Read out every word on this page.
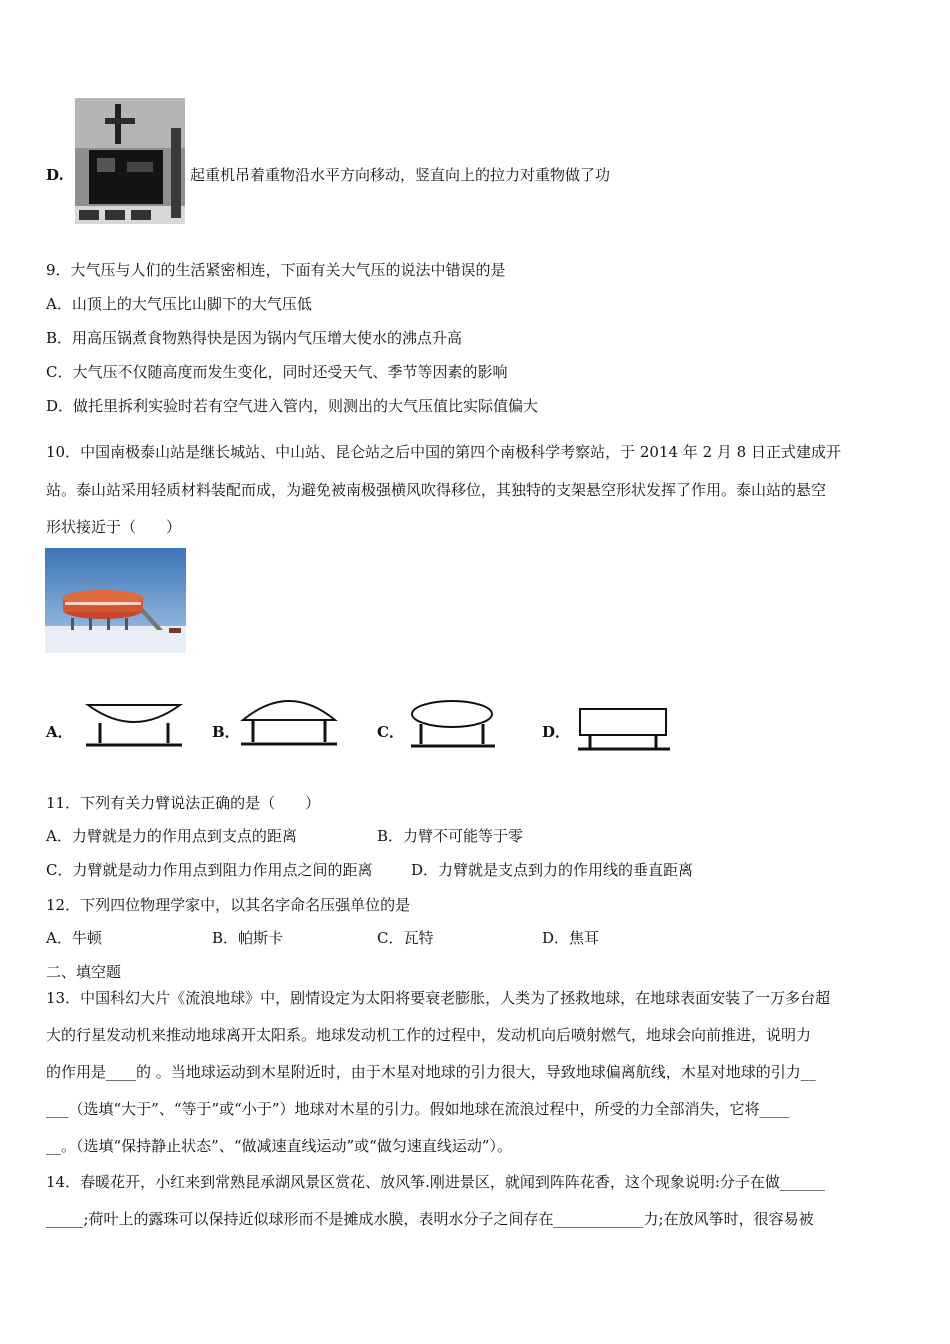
D.	起重机吊着重物沿水平方向移动，竖直向上的拉力对重物做了功
9．大气压与人们的生活紧密相连，下面有关大气压的说法中错误的是
A．山顶上的大气压比山脚下的大气压低
B．用高压锅煮食物熟得快是因为锅内气压增大使水的沸点升高
C．大气压不仅随高度而发生变化，同时还受天气、季节等因素的影响
D．做托里拆利实验时若有空气进入管内，则测出的大气压值比实际值偏大
10．中国南极泰山站是继长城站、中山站、昆仑站之后中国的第四个南极科学考察站，于 2014 年 2 月 8 日正式建成开
站。泰山站采用轻质材料装配而成，为避免被南极强横风吹得移位，其独特的支架悬空形状发挥了作用。泰山站的悬空
形状接近于（　　）
A．	B．	C．	D．
11．下列有关力臂说法正确的是（　　）
A．力臂就是力的作用点到支点的距离	B．力臂不可能等于零
C．力臂就是动力作用点到阻力作用点之间的距离	D．力臂就是支点到力的作用线的垂直距离
12．下列四位物理学家中，以其名字命名压强单位的是
A．牛顿	B．帕斯卡	C．瓦特	D．焦耳
二、填空题
13．中国科幻大片《流浪地球》中，剧情设定为太阳将要衰老膨胀，人类为了拯救地球，在地球表面安装了一万多台超
大的行星发动机来推动地球离开太阳系。地球发动机工作的过程中，发动机向后喷射燃气，地球会向前推进，说明力
的作用是____的 。当地球运动到木星附近时，由于木星对地球的引力很大，导致地球偏离航线，木星对地球的引力__
___（选填“大于”、“等于”或“小于”）地球对木星的引力。假如地球在流浪过程中，所受的力全部消失，它将____
__。（选填“保持静止状态”、“做减速直线运动”或“做匀速直线运动”）。
14．春暖花开，小红来到常熟昆承湖风景区赏花、放风筝.刚进景区，就闻到阵阵花香，这个现象说明:分子在做______
_____;荷叶上的露珠可以保持近似球形而不是摊成水膜，表明水分子之间存在____________力;在放风筝时，很容易被
